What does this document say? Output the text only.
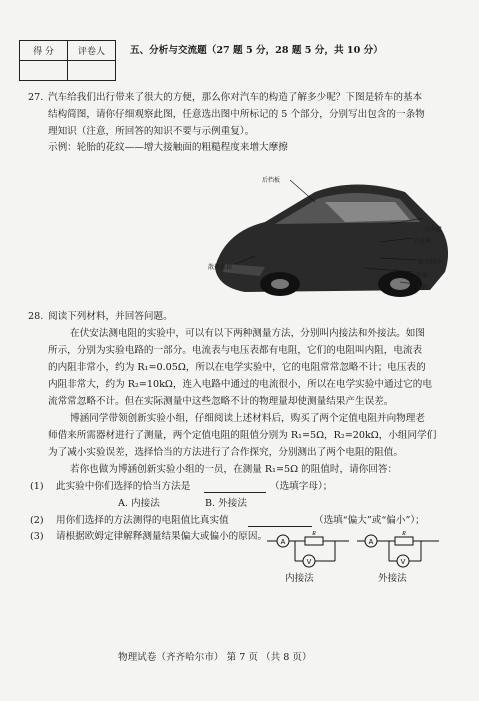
得 分	评卷人
		五、分析与交流题（27 题 5 分，28 题 5 分，共 10 分）
27. 汽车给我们出行带来了很大的方便，那么你对汽车的构造了解多少呢？下图是轿车的基本
结构简图，请你仔细观察此图，任意选出图中所标记的 5 个部分，分别写出包含的一条物
理知识（注意，所回答的知识不要与示例重复）。
示例：轮胎的花纹——增大接触面的粗糙程度来增大摩擦
后挡板
方向盘
汽油机
碟式制车
散热水箱
电池
车轮
28. 阅读下列材料，并回答问题。
在伏安法测电阻的实验中，可以有以下两种测量方法，分别叫内接法和外接法。如图
所示，分别为实验电路的一部分。电流表与电压表都有电阻，它们的电阻叫内阻，电流表
的内阻非常小，约为 R₁=0.05Ω，所以在电学实验中，它的电阻常常忽略不计；电压表的
内阻非常大，约为 R₂=10kΩ，连入电路中通过的电流很小，所以在电学实验中通过它的电
流常常忽略不计。但在实际测量中这些忽略不计的物理量却使测量结果产生误差。
博涵同学带领创新实验小组，仔细阅读上述材料后，购买了两个定值电阻并向物理老
师借来所需器材进行了测量，两个定值电阻的阻值分别为 R₁=5Ω，R₂=20kΩ，小组同学们
为了减小实验误差，选择恰当的方法进行了合作探究，分别测出了两个电阻的阻值。
若你也做为博涵创新实验小组的一员，在测量 R₁=5Ω 的阻值时，请你回答：
(1) 此实验中你们选择的恰当方法是	（选填字母）；
A. 内接法	B. 外接法
(2) 用你们选择的方法测得的电阻值比真实值	（选填“偏大”或“偏小”）；
(3) 请根据欧姆定律解释测量结果偏大或偏小的原因。
A
V
R
A
V
R
内接法	外接法
物理试卷（齐齐哈尔市） 第 7 页 （共 8 页）
